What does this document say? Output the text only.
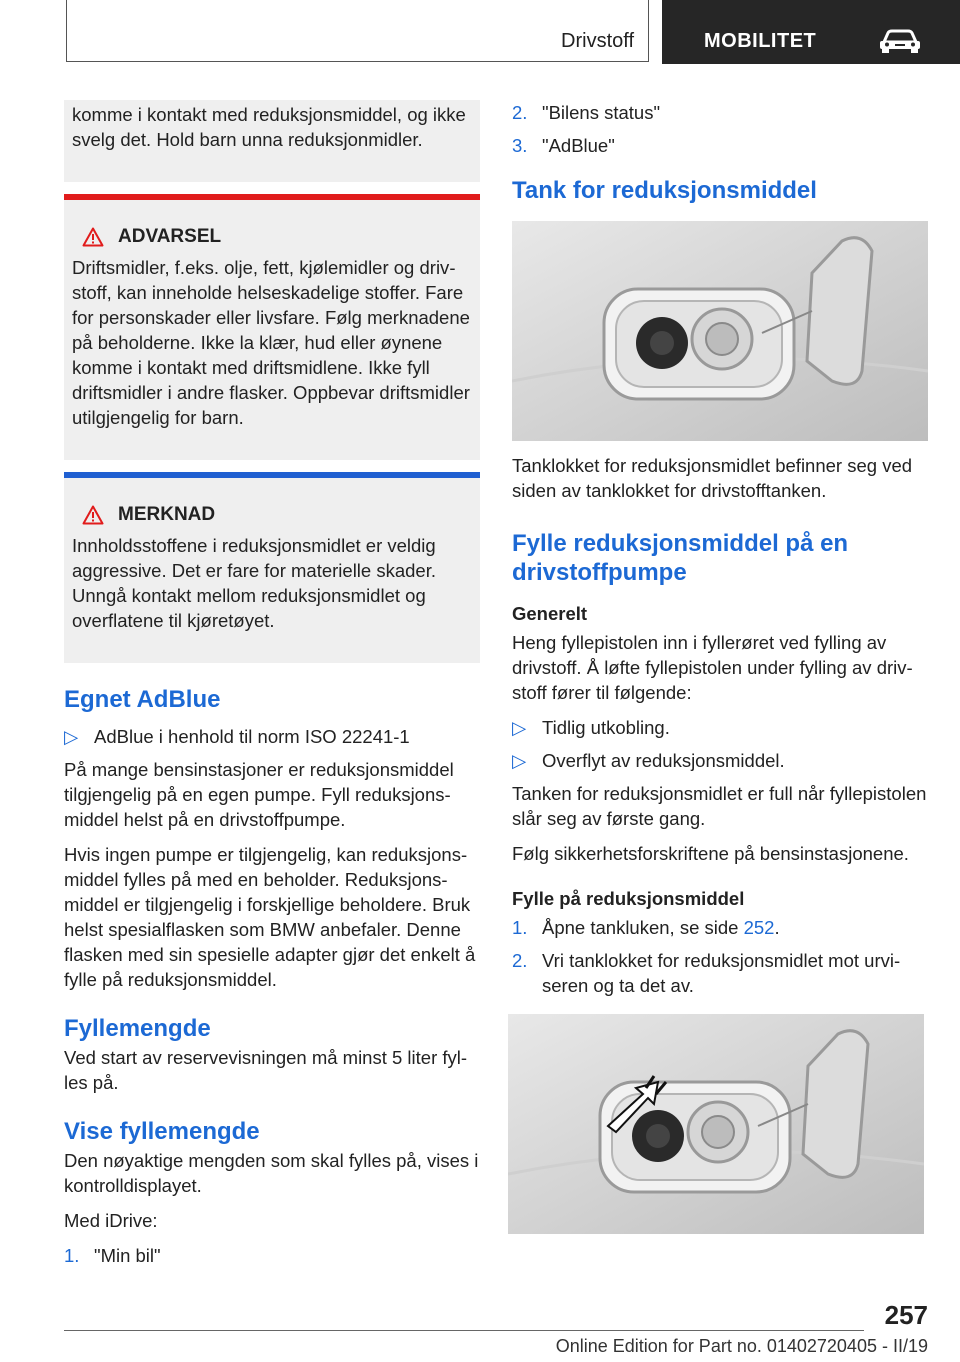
Drivstoff	MOBILITET

komme i kontakt med reduksjonsmiddel, og ikke svelg det. Hold barn unna reduksjonmidler.

ADVARSEL

Driftsmidler, f.eks. olje, fett, kjølemidler og drivstoff, kan inneholde helseskadelige stoffer. Fare for personskader eller livsfare. Følg merknadene på beholderne. Ikke la klær, hud eller øynene komme i kontakt med driftsmidlene. Ikke fyll driftsmidler i andre flasker. Oppbevar driftsmidler utilgjengelig for barn.

MERKNAD

Innholdsstoffene i reduksjonsmidlet er veldig aggressive. Det er fare for materielle skader. Unngå kontakt mellom reduksjonsmidlet og overflatene til kjøretøyet.

Egnet AdBlue
▷ AdBlue i henhold til norm ISO 22241-1

På mange bensinstasjoner er reduksjonsmiddel tilgjengelig på en egen pumpe. Fyll reduksjonsmiddel helst på en drivstoffpumpe.

Hvis ingen pumpe er tilgjengelig, kan reduksjonsmiddel fylles på med en beholder. Reduksjonsmiddel er tilgjengelig i forskjellige beholdere. Bruk helst spesialflasken som BMW anbefaler. Denne flasken med sin spesielle adapter gjør det enkelt å fylle på reduksjonsmiddel.

Fyllemengde

Ved start av reservevisningen må minst 5 liter fylles på.

Vise fyllemengde

Den nøyaktige mengden som skal fylles på, vises i kontrolldisplayet.

Med iDrive:

1. "Min bil"
2. "Bilens status"
3. "AdBlue"
Tank for reduksjonsmiddel

Tanklokket for reduksjonsmidlet befinner seg ved siden av tanklokket for drivstofftanken.

Fylle reduksjonsmiddel på en drivstoffpumpe
Generelt

Heng fyllepistolen inn i fyllerøret ved fylling av drivstoff. Å løfte fyllepistolen under fylling av drivstoff fører til følgende:

▷ Tidlig utkobling.
▷ Overflyt av reduksjonsmiddel.

Tanken for reduksjonsmidlet er full når fyllepistolen slår seg av første gang.

Følg sikkerhetsforskriftene på bensinstasjonene.

Fylle på reduksjonsmiddel
1. Åpne tankluken, se side 252.
2. Vri tanklokket for reduksjonsmidlet mot urviseren og ta det av.
257
Online Edition for Part no. 01402720405 - II/19
